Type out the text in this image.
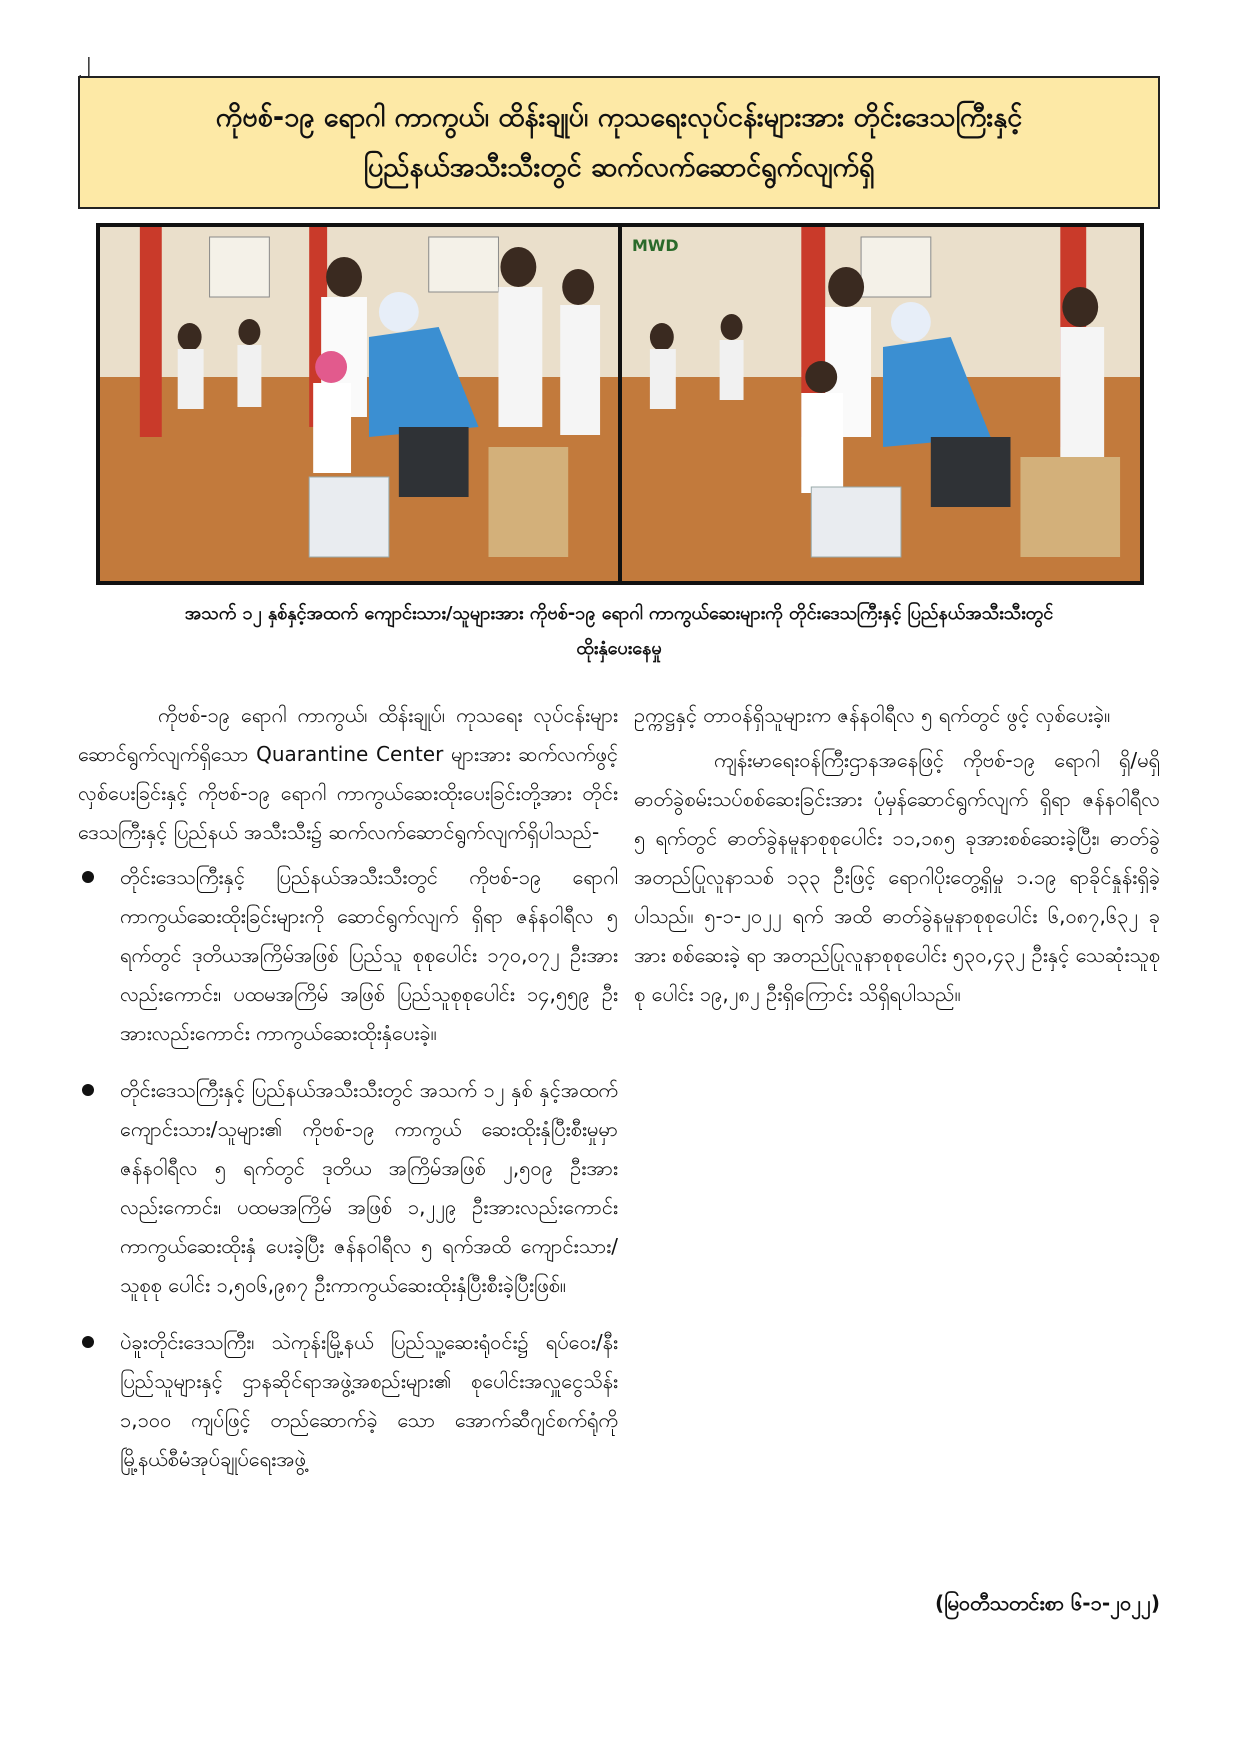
၂
ကိုဗစ်-၁၉ ရောဂါ ကာကွယ်၊ ထိန်းချုပ်၊ ကုသရေးလုပ်ငန်းများအား တိုင်းဒေသကြီးနှင့်
ပြည်နယ်အသီးသီးတွင် ဆက်လက်ဆောင်ရွက်လျက်ရှိ
MWD
အသက် ၁၂ နှစ်နှင့်အထက် ကျောင်းသား/သူများအား ကိုဗစ်-၁၉ ရောဂါ ကာကွယ်ဆေးများကို တိုင်းဒေသကြီးနှင့် ပြည်နယ်အသီးသီးတွင်
ထိုးနှံပေးနေမှု

ကိုဗစ်-၁၉ ရောဂါ ကာကွယ်၊ ထိန်းချုပ်၊ ကုသရေး လုပ်ငန်းများ ဆောင်ရွက်လျက်ရှိသော Quarantine Center များအား ဆက်လက်ဖွင့်လှစ်ပေးခြင်းနှင့် ကိုဗစ်-၁၉ ရောဂါ ကာကွယ်ဆေးထိုးပေးခြင်းတို့အား တိုင်းဒေသကြီးနှင့် ပြည်နယ် အသီးသီး၌ ဆက်လက်ဆောင်ရွက်လျက်ရှိပါသည်-

တိုင်းဒေသကြီးနှင့် ပြည်နယ်အသီးသီးတွင် ကိုဗစ်-၁၉ ရောဂါ ကာကွယ်ဆေးထိုးခြင်းများကို ဆောင်ရွက်လျက် ရှိရာ ဇန်နဝါရီလ ၅ ရက်တွင် ဒုတိယအကြိမ်အဖြစ် ပြည်သူ စုစုပေါင်း ၁၇၀,၀၇၂ ဦးအားလည်းကောင်း၊ ပထမအကြိမ် အဖြစ် ပြည်သူစုစုပေါင်း ၁၄,၅၅၉ ဦးအားလည်းကောင်း ကာကွယ်ဆေးထိုးနှံပေးခဲ့။
တိုင်းဒေသကြီးနှင့် ပြည်နယ်အသီးသီးတွင် အသက် ၁၂ နှစ် နှင့်အထက် ကျောင်းသား/သူများ၏ ကိုဗစ်-၁၉ ကာကွယ် ဆေးထိုးနှံပြီးစီးမှုမှာ ဇန်နဝါရီလ ၅ ရက်တွင် ဒုတိယ အကြိမ်အဖြစ် ၂,၅၀၉ ဦးအားလည်းကောင်း၊ ပထမအကြိမ် အဖြစ် ၁,၂၂၉ ဦးအားလည်းကောင်း ကာကွယ်ဆေးထိုးနှံ ပေးခဲ့ပြီး ဇန်နဝါရီလ ၅ ရက်အထိ ကျောင်းသား/သူစုစု ပေါင်း ၁,၅၀၆,၉၈၇ ဦးကာကွယ်ဆေးထိုးနှံပြီးစီးခဲ့ပြီးဖြစ်။
ပဲခူးတိုင်းဒေသကြီး၊ သဲကုန်းမြို့နယ် ပြည်သူ့ဆေးရုံဝင်း၌ ရပ်ဝေး/နီးပြည်သူများနှင့် ဌာနဆိုင်ရာအဖွဲ့အစည်းများ၏ စုပေါင်းအလှူငွေသိန်း ၁,၁၀၀ ကျပ်ဖြင့် တည်ဆောက်ခဲ့ သော အောက်ဆီဂျင်စက်ရုံကို မြို့နယ်စီမံအုပ်ချုပ်ရေးအဖွဲ့

ဥက္ကဋ္ဌနှင့် တာဝန်ရှိသူများက ဇန်နဝါရီလ ၅ ရက်တွင် ဖွင့် လှစ်ပေးခဲ့။

ကျန်းမာရေးဝန်ကြီးဌာနအနေဖြင့် ကိုဗစ်-၁၉ ရောဂါ ရှိ/မရှိ ဓာတ်ခွဲစမ်းသပ်စစ်ဆေးခြင်းအား ပုံမှန်ဆောင်ရွက်လျက် ရှိရာ ဇန်နဝါရီလ ၅ ရက်တွင် ဓာတ်ခွဲနမူနာစုစုပေါင်း ၁၁,၁၈၅ ခုအားစစ်ဆေးခဲ့ပြီး၊ ဓာတ်ခွဲအတည်ပြုလူနာသစ် ၁၃၃ ဦးဖြင့် ရောဂါပိုးတွေ့ရှိမှု ၁.၁၉ ရာခိုင်နှုန်းရှိခဲ့ပါသည်။ ၅-၁-၂၀၂၂ ရက် အထိ ဓာတ်ခွဲနမူနာစုစုပေါင်း ၆,၀၈၇,၆၃၂ ခု အား စစ်ဆေးခဲ့ ရာ အတည်ပြုလူနာစုစုပေါင်း ၅၃၀,၄၃၂ ဦးနှင့် သေဆုံးသူစုစု ပေါင်း ၁၉,၂၈၂ ဦးရှိကြောင်း သိရှိရပါသည်။

(မြဝတီသတင်းစာ ၆-၁-၂၀၂၂)
